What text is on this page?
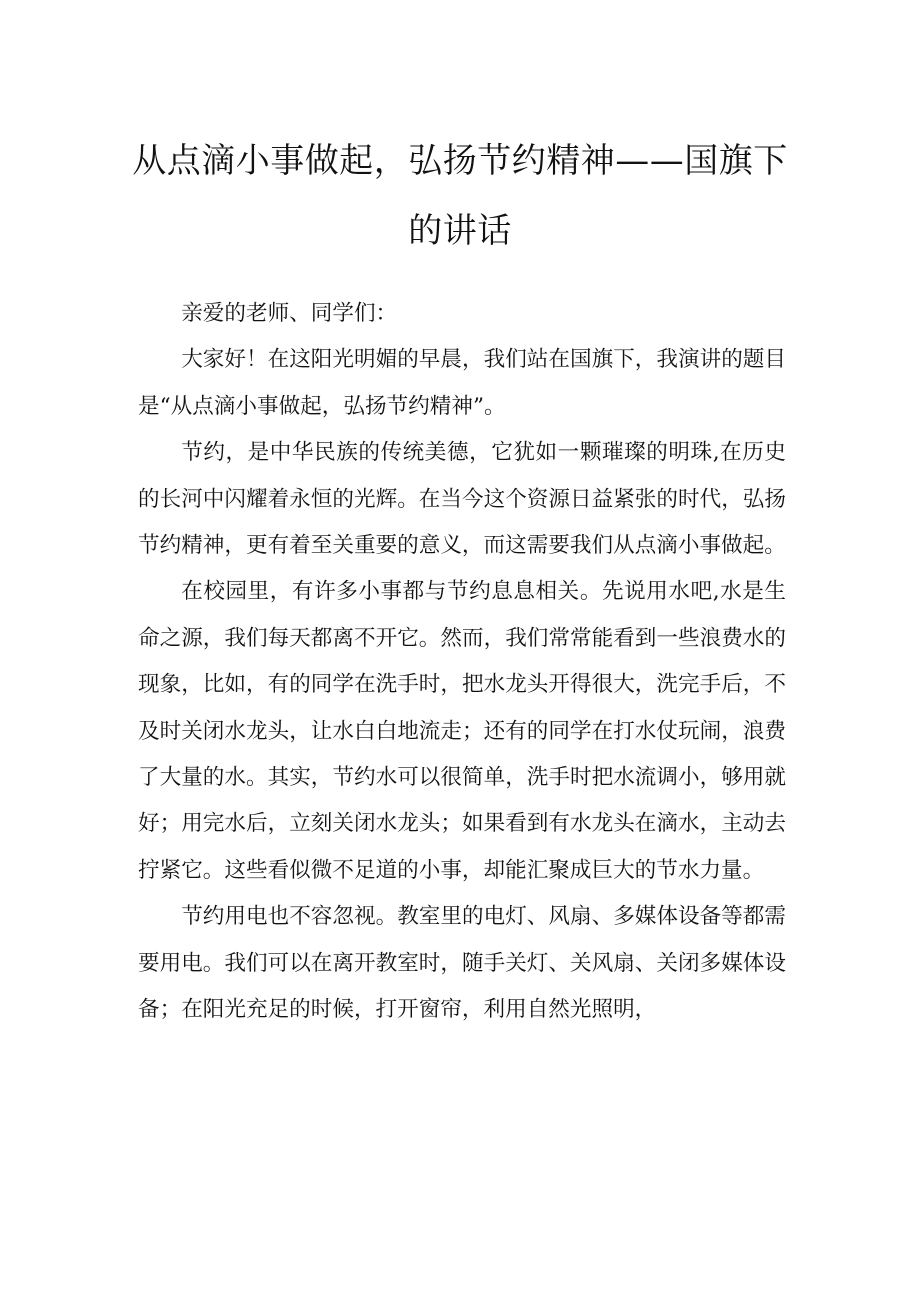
从点滴小事做起，弘扬节约精神——国旗下的讲话

亲爱的老师、同学们：

大家好！在这阳光明媚的早晨，我们站在国旗下，我演讲的题目是“从点滴小事做起，弘扬节约精神”。

节约，是中华民族的传统美德，它犹如一颗璀璨的明珠,在历史的长河中闪耀着永恒的光辉。在当今这个资源日益紧张的时代，弘扬节约精神，更有着至关重要的意义，而这需要我们从点滴小事做起。

在校园里，有许多小事都与节约息息相关。先说用水吧,水是生命之源，我们每天都离不开它。然而，我们常常能看到一些浪费水的现象，比如，有的同学在洗手时，把水龙头开得很大，洗完手后，不及时关闭水龙头，让水白白地流走；还有的同学在打水仗玩闹，浪费了大量的水。其实，节约水可以很简单，洗手时把水流调小，够用就好；用完水后，立刻关闭水龙头；如果看到有水龙头在滴水，主动去拧紧它。这些看似微不足道的小事，却能汇聚成巨大的节水力量。

节约用电也不容忽视。教室里的电灯、风扇、多媒体设备等都需要用电。我们可以在离开教室时，随手关灯、关风扇、关闭多媒体设备；在阳光充足的时候，打开窗帘，利用自然光照明，
